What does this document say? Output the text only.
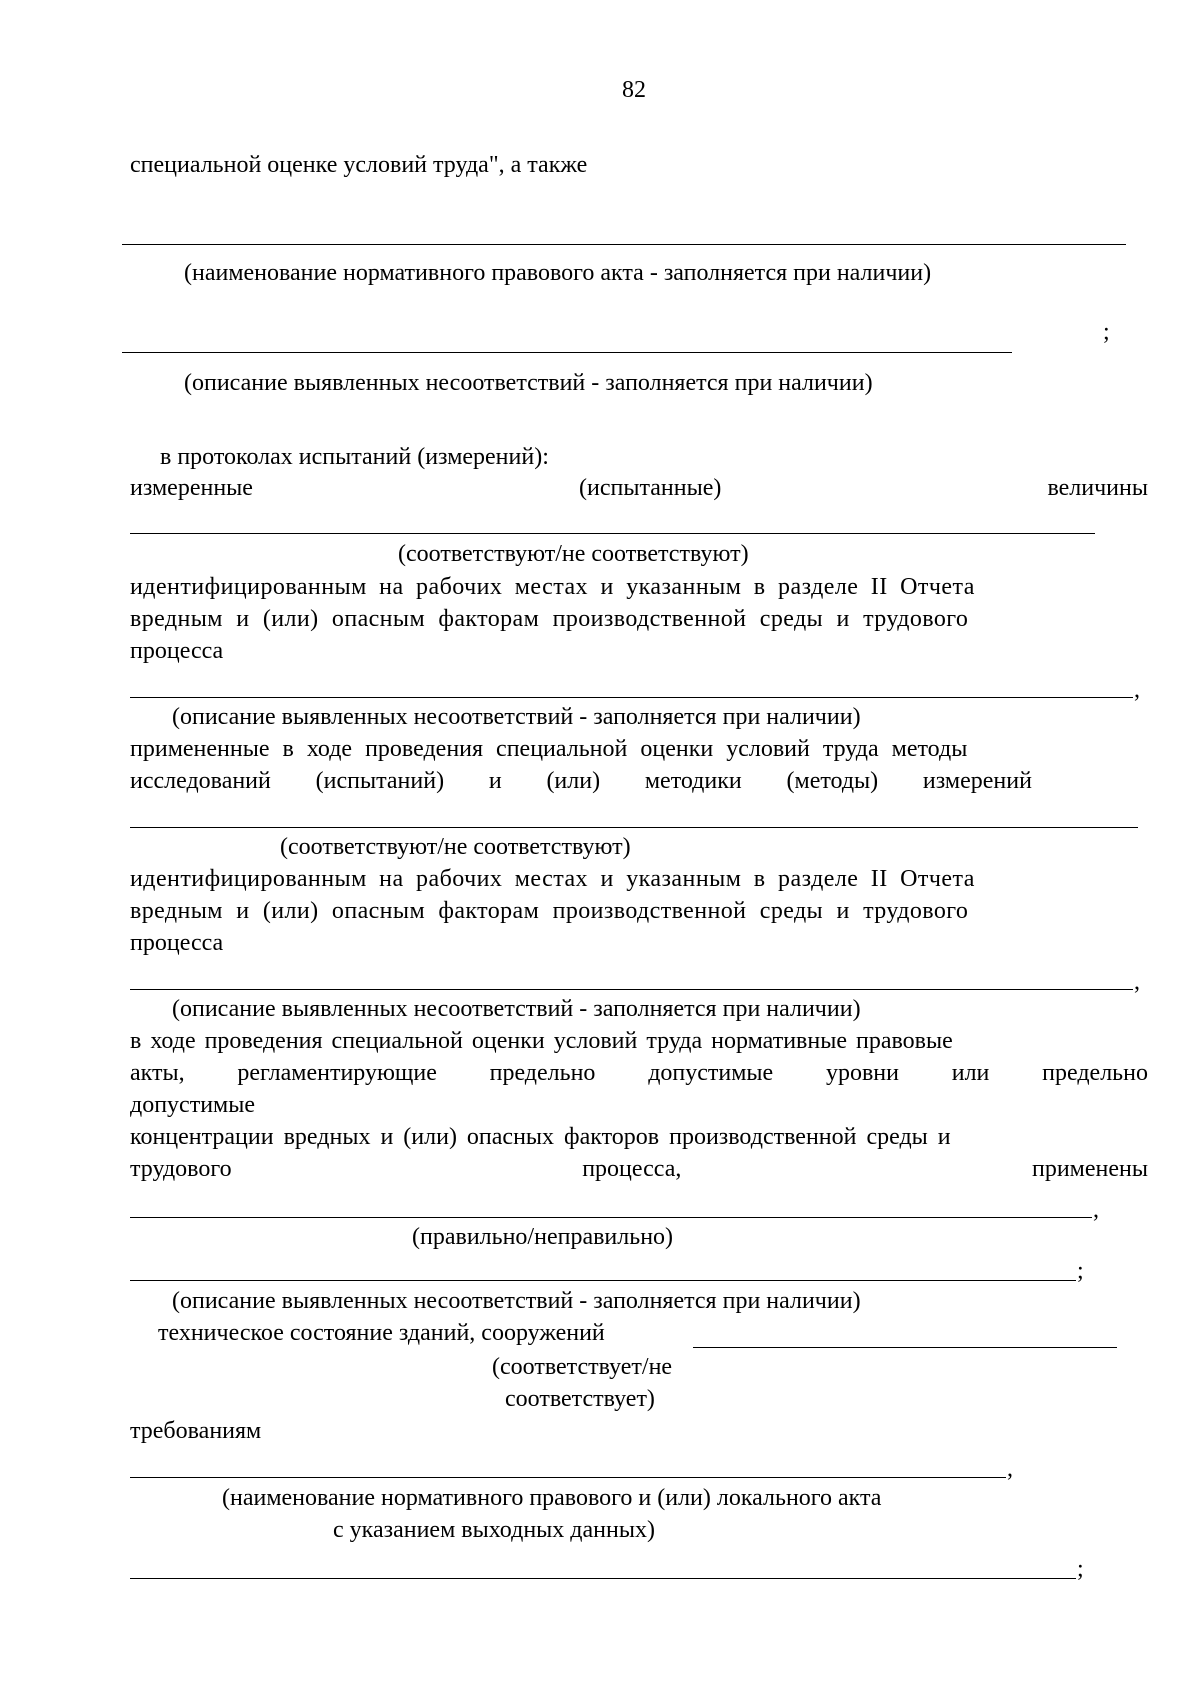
82
специальной оценке условий труда", а также
(наименование нормативного правового акта - заполняется при наличии)
;
(описание выявленных несоответствий - заполняется при наличии)
в протоколах испытаний (измерений):
измеренные	(испытанные)	величины
(соответствуют/не соответствуют)
идентифицированным на рабочих местах и указанным в разделе II Отчета
вредным и (или) опасным факторам производственной среды и трудового
процесса
,
(описание выявленных несоответствий - заполняется при наличии)
примененные в ходе проведения специальной оценки условий труда методы
исследований (испытаний) и (или) методики (методы) измерений
(соответствуют/не соответствуют)
идентифицированным на рабочих местах и указанным в разделе II Отчета
вредным и (или) опасным факторам производственной среды и трудового
процесса
,
(описание выявленных несоответствий - заполняется при наличии)
в ходе проведения специальной оценки условий труда нормативные правовые
акты, регламентирующие предельно допустимые уровни или предельно
допустимые
концентрации вредных и (или) опасных факторов производственной среды и
трудового	процесса,	применены
,
(правильно/неправильно)
;
(описание выявленных несоответствий - заполняется при наличии)
техническое состояние зданий, сооружений
(соответствует/не
соответствует)
требованиям
,
(наименование нормативного правового и (или) локального акта
с указанием выходных данных)
;
